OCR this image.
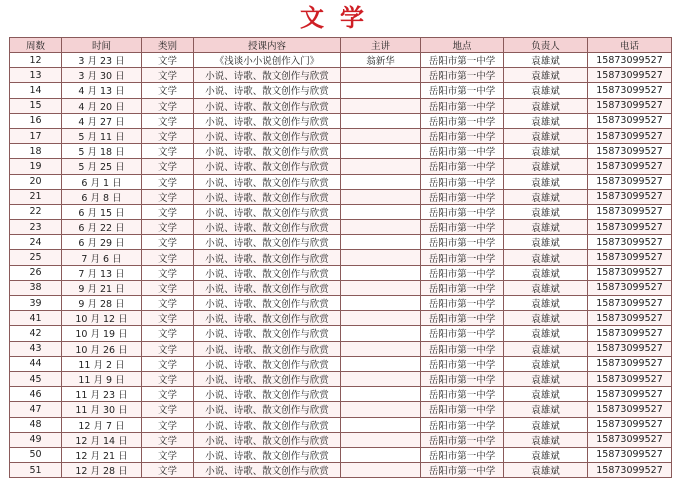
文学
周数	时间	类别	授课内容	主讲	地点	负责人	电话
12	3 月 23 日	文学	《浅谈小小说创作入门》	翁新华	岳阳市第一中学	袁雄斌	15873099527
13	3 月 30 日	文学	小说、诗歌、散文创作与欣赏		岳阳市第一中学	袁雄斌	15873099527
14	4 月 13 日	文学	小说、诗歌、散文创作与欣赏		岳阳市第一中学	袁雄斌	15873099527
15	4 月 20 日	文学	小说、诗歌、散文创作与欣赏		岳阳市第一中学	袁雄斌	15873099527
16	4 月 27 日	文学	小说、诗歌、散文创作与欣赏		岳阳市第一中学	袁雄斌	15873099527
17	5 月 11 日	文学	小说、诗歌、散文创作与欣赏		岳阳市第一中学	袁雄斌	15873099527
18	5 月 18 日	文学	小说、诗歌、散文创作与欣赏		岳阳市第一中学	袁雄斌	15873099527
19	5 月 25 日	文学	小说、诗歌、散文创作与欣赏		岳阳市第一中学	袁雄斌	15873099527
20	6 月 1 日	文学	小说、诗歌、散文创作与欣赏		岳阳市第一中学	袁雄斌	15873099527
21	6 月 8 日	文学	小说、诗歌、散文创作与欣赏		岳阳市第一中学	袁雄斌	15873099527
22	6 月 15 日	文学	小说、诗歌、散文创作与欣赏		岳阳市第一中学	袁雄斌	15873099527
23	6 月 22 日	文学	小说、诗歌、散文创作与欣赏		岳阳市第一中学	袁雄斌	15873099527
24	6 月 29 日	文学	小说、诗歌、散文创作与欣赏		岳阳市第一中学	袁雄斌	15873099527
25	7 月 6 日	文学	小说、诗歌、散文创作与欣赏		岳阳市第一中学	袁雄斌	15873099527
26	7 月 13 日	文学	小说、诗歌、散文创作与欣赏		岳阳市第一中学	袁雄斌	15873099527
38	9 月 21 日	文学	小说、诗歌、散文创作与欣赏		岳阳市第一中学	袁雄斌	15873099527
39	9 月 28 日	文学	小说、诗歌、散文创作与欣赏		岳阳市第一中学	袁雄斌	15873099527
41	10 月 12 日	文学	小说、诗歌、散文创作与欣赏		岳阳市第一中学	袁雄斌	15873099527
42	10 月 19 日	文学	小说、诗歌、散文创作与欣赏		岳阳市第一中学	袁雄斌	15873099527
43	10 月 26 日	文学	小说、诗歌、散文创作与欣赏		岳阳市第一中学	袁雄斌	15873099527
44	11 月 2 日	文学	小说、诗歌、散文创作与欣赏		岳阳市第一中学	袁雄斌	15873099527
45	11 月 9 日	文学	小说、诗歌、散文创作与欣赏		岳阳市第一中学	袁雄斌	15873099527
46	11 月 23 日	文学	小说、诗歌、散文创作与欣赏		岳阳市第一中学	袁雄斌	15873099527
47	11 月 30 日	文学	小说、诗歌、散文创作与欣赏		岳阳市第一中学	袁雄斌	15873099527
48	12 月 7 日	文学	小说、诗歌、散文创作与欣赏		岳阳市第一中学	袁雄斌	15873099527
49	12 月 14 日	文学	小说、诗歌、散文创作与欣赏		岳阳市第一中学	袁雄斌	15873099527
50	12 月 21 日	文学	小说、诗歌、散文创作与欣赏		岳阳市第一中学	袁雄斌	15873099527
51	12 月 28 日	文学	小说、诗歌、散文创作与欣赏		岳阳市第一中学	袁雄斌	15873099527
